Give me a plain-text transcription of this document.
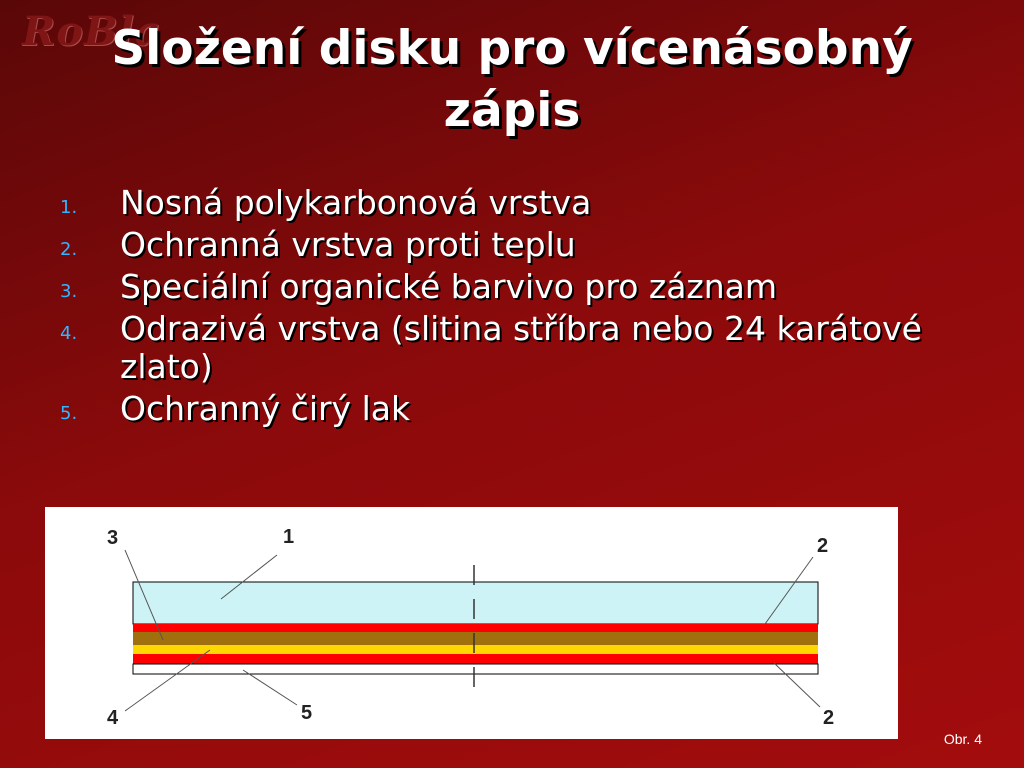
RoBla
Složení disku pro vícenásobný zápis
1.	Nosná polykarbonová vrstva
2.	Ochranná vrstva proti teplu
3.	Speciální organické barvivo pro záznam
4.	Odrazivá vrstva (slitina stříbra nebo 24 karátové zlato)
5.	Ochranný čirý lak
3	1	2
4	5	2
Obr. 4
